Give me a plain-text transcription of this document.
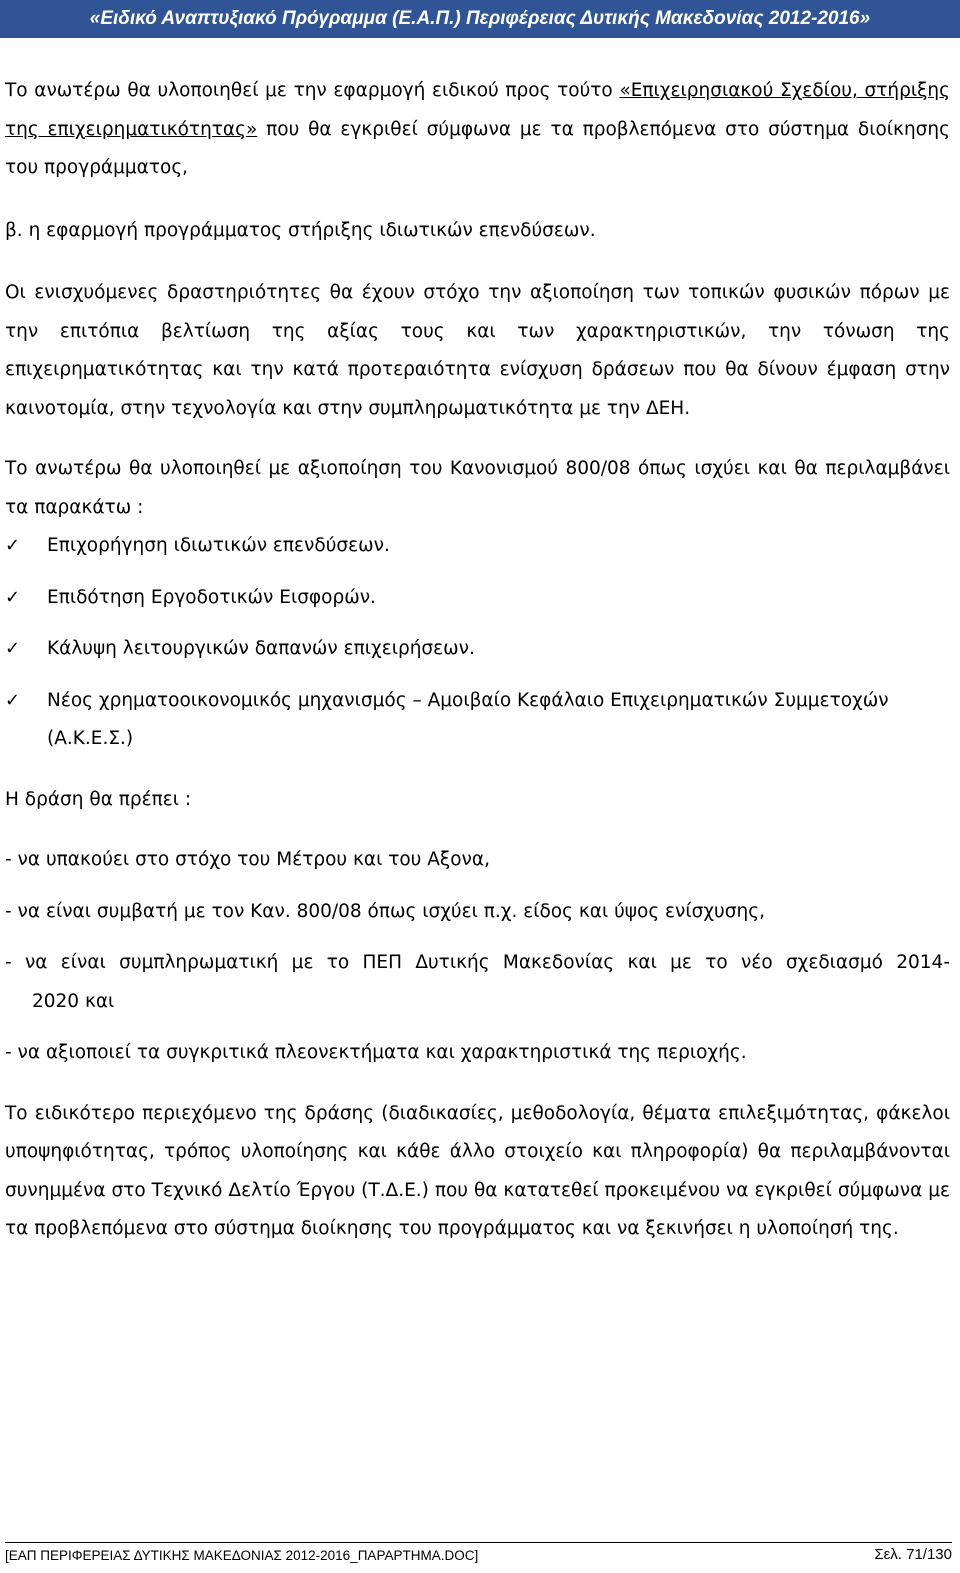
«Ειδικό Αναπτυξιακό Πρόγραμμα (Ε.Α.Π.) Περιφέρειας Δυτικής Μακεδονίας 2012-2016»

Το ανωτέρω θα υλοποιηθεί με την εφαρμογή ειδικού προς τούτο «Επιχειρησιακού Σχεδίου, στήριξης της επιχειρηματικότητας» που θα εγκριθεί σύμφωνα με τα προβλεπόμενα στο σύστημα διοίκησης του προγράμματος,

β. η εφαρμογή προγράμματος στήριξης ιδιωτικών επενδύσεων.

Οι ενισχυόμενες δραστηριότητες θα έχουν στόχο την αξιοποίηση των τοπικών φυσικών πόρων με την επιτόπια βελτίωση της αξίας τους και των χαρακτηριστικών, την τόνωση της επιχειρηματικότητας και την κατά προτεραιότητα ενίσχυση δράσεων που θα δίνουν έμφαση στην καινοτομία, στην τεχνολογία και στην συμπληρωματικότητα με την ΔΕΗ.

Το ανωτέρω θα υλοποιηθεί με αξιοποίηση του Κανονισμού 800/08 όπως ισχύει και θα περιλαμβάνει τα παρακάτω :

✓ Επιχορήγηση ιδιωτικών επενδύσεων.
✓ Επιδότηση Εργοδοτικών Εισφορών.
✓ Κάλυψη λειτουργικών δαπανών επιχειρήσεων.
✓ Νέος χρηματοοικονομικός μηχανισμός – Αμοιβαίο Κεφάλαιο Επιχειρηματικών Συμμετοχών (Α.Κ.Ε.Σ.)

Η δράση θα πρέπει :

- να υπακούει στο στόχο του Μέτρου και του Αξονα,

- να είναι συμβατή με τον Καν. 800/08 όπως ισχύει π.χ. είδος και ύψος ενίσχυσης,

- να είναι συμπληρωματική με το ΠΕΠ Δυτικής Μακεδονίας και με το νέο σχεδιασμό 2014-

2020 και

- να αξιοποιεί τα συγκριτικά πλεονεκτήματα και χαρακτηριστικά της περιοχής.

Το ειδικότερο περιεχόμενο της δράσης (διαδικασίες, μεθοδολογία, θέματα επιλεξιμότητας, φάκελοι υποψηφιότητας, τρόπος υλοποίησης και κάθε άλλο στοιχείο και πληροφορία) θα περιλαμβάνονται συνημμένα στο Τεχνικό Δελτίο Έργου (Τ.Δ.Ε.) που θα κατατεθεί προκειμένου να εγκριθεί σύμφωνα με τα προβλεπόμενα στο σύστημα διοίκησης του προγράμματος και να ξεκινήσει η υλοποίησή της.

[ΕΑΠ ΠΕΡΙΦΕΡΕΙΑΣ ΔΥΤΙΚΗΣ ΜΑΚΕΔΟΝΙΑΣ 2012-2016_ΠΑΡΑΡΤΗΜΑ.DOC]	Σελ. 71/130
